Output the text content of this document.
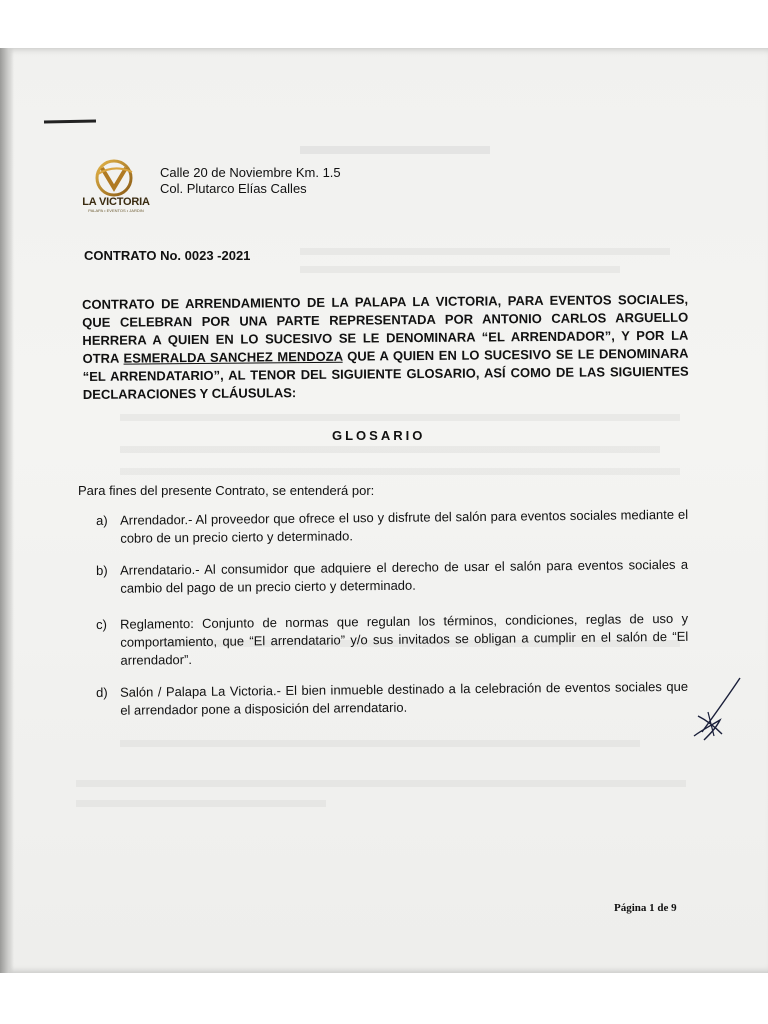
LA VICTORIA
PALAPA • EVENTOS • JARDIN
Calle 20 de Noviembre Km. 1.5
Col. Plutarco Elías Calles
CONTRATO No. 0023 -2021
CONTRATO DE ARRENDAMIENTO DE LA PALAPA LA VICTORIA, PARA EVENTOS SOCIALES, QUE CELEBRAN POR UNA PARTE REPRESENTADA POR ANTONIO CARLOS ARGUELLO HERRERA A QUIEN EN LO SUCESIVO SE LE DENOMINARA “EL ARRENDADOR”, Y POR LA OTRA ESMERALDA SANCHEZ MENDOZA QUE A QUIEN EN LO SUCESIVO SE LE DENOMINARA “EL ARRENDATARIO”, AL TENOR DEL SIGUIENTE GLOSARIO, ASÍ COMO DE LAS SIGUIENTES DECLARACIONES Y CLÁUSULAS:
GLOSARIO
Para fines del presente Contrato, se entenderá por:
a) Arrendador.- Al proveedor que ofrece el uso y disfrute del salón para eventos sociales mediante el cobro de un precio cierto y determinado.
b) Arrendatario.- Al consumidor que adquiere el derecho de usar el salón para eventos sociales a cambio del pago de un precio cierto y determinado.
c) Reglamento: Conjunto de normas que regulan los términos, condiciones, reglas de uso y comportamiento, que “El arrendatario” y/o sus invitados se obligan a cumplir en el salón de “El arrendador”.
d) Salón / Palapa La Victoria.- El bien inmueble destinado a la celebración de eventos sociales que el arrendador pone a disposición del arrendatario.
Página 1 de 9
